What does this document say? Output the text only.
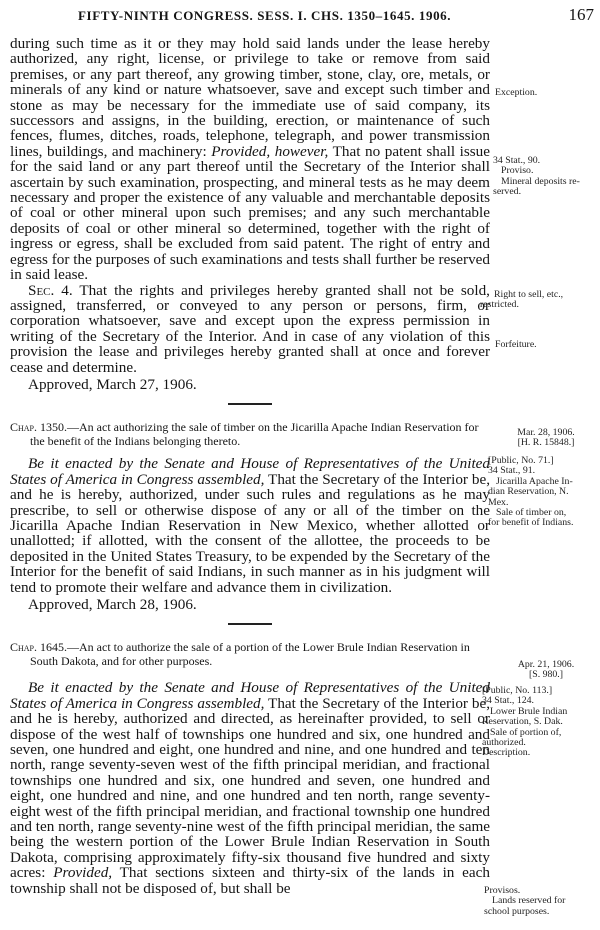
FIFTY-NINTH CONGRESS. SESS. I. CHS. 1350–1645. 1906.	167

during such time as it or they may hold said lands under the lease hereby authorized, any right, license, or privilege to take or remove from said premises, or any part thereof, any growing timber, stone, clay, ore, metals, or minerals of any kind or nature whatsoever, save and except such timber and stone as may be necessary for the immediate use of said company, its successors and assigns, in the building, erection, or maintenance of such fences, flumes, ditches, roads, telephone, telegraph, and power transmission lines, buildings, and machinery: Provided, however, That no patent shall issue for the said land or any part thereof until the Secretary of the Interior shall ascertain by such examination, prospecting, and mineral tests as he may deem necessary and proper the existence of any valuable and merchantable deposits of coal or other mineral upon such premises; and any such merchantable deposits of coal or other mineral so determined, together with the right of ingress or egress, shall be excluded from said patent. The right of entry and egress for the purposes of such examinations and tests shall further be reserved in said lease.

Sec. 4. That the rights and privileges hereby granted shall not be sold, assigned, transferred, or conveyed to any person or persons, firm, or corporation whatsoever, save and except upon the express permission in writing of the Secretary of the Interior. And in case of any violation of this provision the lease and privileges hereby granted shall at once and forever cease and determine.

Approved, March 27, 1906.

Chap. 1350.—An act authorizing the sale of timber on the Jicarilla Apache Indian Reservation for the benefit of the Indians belonging thereto.

Be it enacted by the Senate and House of Representatives of the United States of America in Congress assembled, That the Secretary of the Interior be, and he is hereby, authorized, under such rules and regulations as he may prescribe, to sell or otherwise dispose of any or all of the timber on the Jicarilla Apache Indian Reservation in New Mexico, whether allotted or unallotted; if allotted, with the consent of the allottee, the proceeds to be deposited in the United States Treasury, to be expended by the Secretary of the Interior for the benefit of said Indians, in such manner as in his judgment will tend to promote their welfare and advance them in civilization.

Approved, March 28, 1906.

Chap. 1645.—An act to authorize the sale of a portion of the Lower Brule Indian Reservation in South Dakota, and for other purposes.

Be it enacted by the Senate and House of Representatives of the United States of America in Congress assembled, That the Secretary of the Interior be, and he is hereby, authorized and directed, as hereinafter provided, to sell or dispose of the west half of townships one hundred and six, one hundred and seven, one hundred and eight, one hundred and nine, and one hundred and ten north, range seventy-seven west of the fifth principal meridian, and fractional townships one hundred and six, one hundred and seven, one hundred and eight, one hundred and nine, and one hundred and ten north, range seventy-eight west of the fifth principal meridian, and fractional township one hundred and ten north, range seventy-nine west of the fifth principal meridian, the same being the western portion of the Lower Brule Indian Reservation in South Dakota, comprising approximately fifty-six thousand five hundred and sixty acres: Provided, That sections sixteen and thirty-six of the lands in each township shall not be disposed of, but shall be

Exception.
34 Stat., 90.
Proviso.
Mineral deposits re-
served.
Right to sell, etc.,
restricted.
Forfeiture.
Mar. 28, 1906.
[H. R. 15848.]
[Public, No. 71.]
34 Stat., 91.
Jicarilla Apache In-
dian Reservation, N.
Mex.
Sale of timber on,
for benefit of Indians.
Apr. 21, 1906.
[S. 980.]
[Public, No. 113.]
34 Stat., 124.
Lower Brule Indian
Reservation, S. Dak.
Sale of portion of,
authorized.
Description.
Provisos.
Lands reserved for
school purposes.
